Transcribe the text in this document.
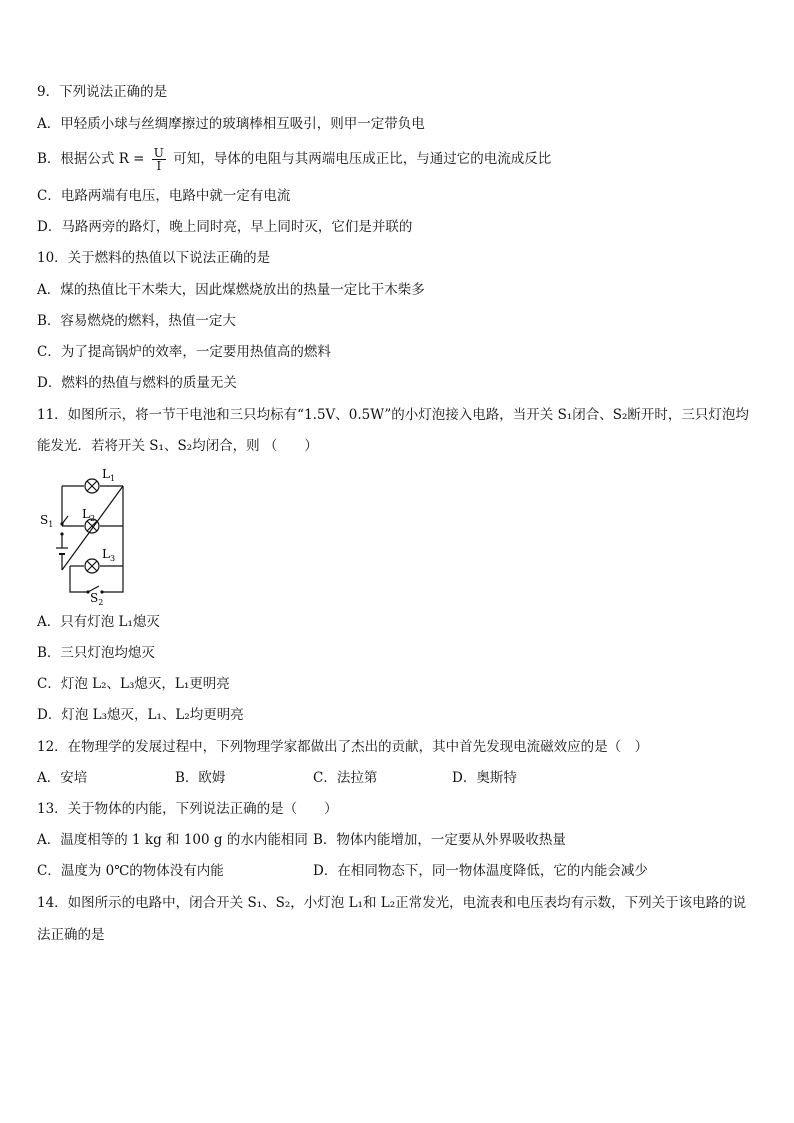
9．下列说法正确的是
A．甲轻质小球与丝绸摩擦过的玻璃棒相互吸引，则甲一定带负电
B．根据公式 $R = \frac{U}{I}$ 可知，导体的电阻与其两端电压成正比，与通过它的电流成反比
C．电路两端有电压，电路中就一定有电流
D．马路两旁的路灯，晚上同时亮，早上同时灭，它们是并联的
10．关于燃料的热值以下说法正确的是
A．煤的热值比干木柴大，因此煤燃烧放出的热量一定比干木柴多
B．容易燃烧的燃料，热值一定大
C．为了提高锅炉的效率，一定要用热值高的燃料
D．燃料的热值与燃料的质量无关
11．如图所示，将一节干电池和三只均标有“1.5V、0.5W”的小灯泡接入电路，当开关 S₁闭合、S₂断开时，三只灯泡均
能发光．若将开关 S₁、S₂均闭合，则 （　　）
$L_1$
$L_2$
$L_3$
$S_1$
$S_2$
A．只有灯泡 L₁熄灭
B．三只灯泡均熄灭
C．灯泡 L₂、L₃熄灭，L₁更明亮
D．灯泡 L₃熄灭，L₁、L₂均更明亮
12．在物理学的发展过程中，下列物理学家都做出了杰出的贡献，其中首先发现电流磁效应的是（　）
A．安培	B．欧姆	C．法拉第	D．奥斯特
13．关于物体的内能，下列说法正确的是（　　）
A．温度相等的 1 kg 和 100 g 的水内能相同 B．物体内能增加，一定要从外界吸收热量
C．温度为 0℃的物体没有内能	D．在相同物态下，同一物体温度降低，它的内能会减少
14．如图所示的电路中，闭合开关 S₁、S₂，小灯泡 L₁和 L₂正常发光，电流表和电压表均有示数，下列关于该电路的说
法正确的是
